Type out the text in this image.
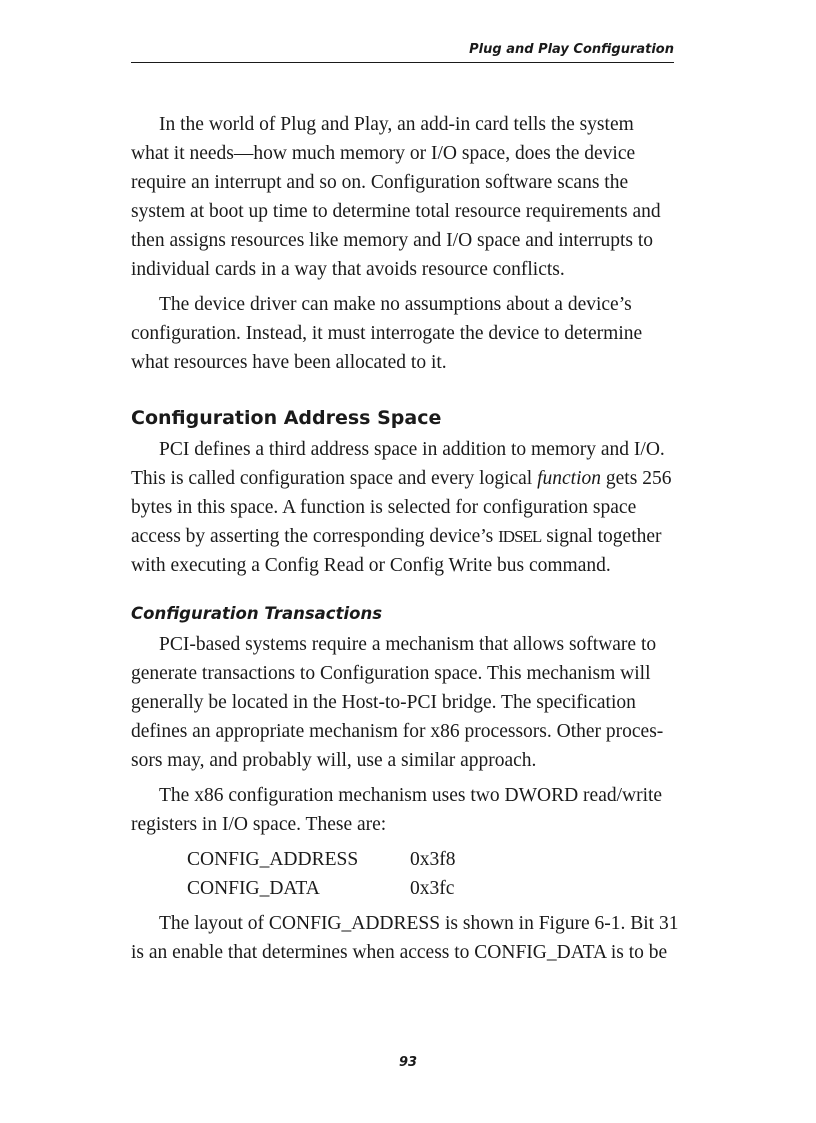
Plug and Play Configuration

In the world of Plug and Play, an add-in card tells the system
what it needs—how much memory or I/O space, does the device
require an interrupt and so on. Configuration software scans the
system at boot up time to determine total resource requirements and
then assigns resources like memory and I/O space and interrupts to
individual cards in a way that avoids resource conflicts.

The device driver can make no assumptions about a device’s
configuration. Instead, it must interrogate the device to determine
what resources have been allocated to it.

Configuration Address Space

PCI defines a third address space in addition to memory and I/O.
This is called configuration space and every logical function gets 256
bytes in this space. A function is selected for configuration space
access by asserting the corresponding device’s IDSEL signal together
with executing a Config Read or Config Write bus command.

Configuration Transactions

PCI-based systems require a mechanism that allows software to
generate transactions to Configuration space. This mechanism will
generally be located in the Host-to-PCI bridge. The specification
defines an appropriate mechanism for x86 processors. Other proces-
sors may, and probably will, use a similar approach.

The x86 configuration mechanism uses two DWORD read/write
registers in I/O space. These are:

CONFIG_ADDRESS	0x3f8
CONFIG_DATA	0x3fc

The layout of CONFIG_ADDRESS is shown in Figure 6-1. Bit 31
is an enable that determines when access to CONFIG_DATA is to be

93
